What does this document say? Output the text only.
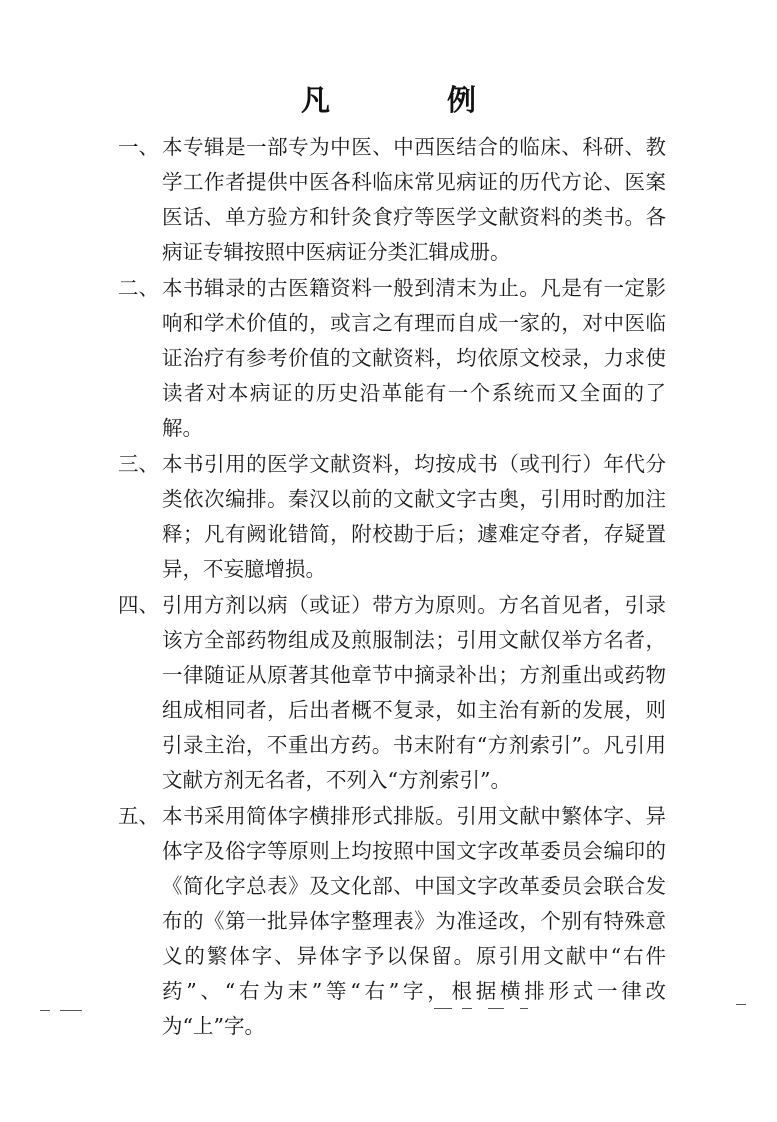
凡　例
一、 本专辑是一部专为中医、中西医结合的临床、科研、教学工作者提供中医各科临床常见病证的历代方论、医案医话、单方验方和针灸食疗等医学文献资料的类书。各病证专辑按照中医病证分类汇辑成册。
二、 本书辑录的古医籍资料一般到清末为止。凡是有一定影响和学术价值的，或言之有理而自成一家的，对中医临证治疗有参考价值的文献资料，均依原文校录，力求使读者对本病证的历史沿革能有一个系统而又全面的了解。
三、 本书引用的医学文献资料，均按成书（或刊行）年代分类依次编排。秦汉以前的文献文字古奥，引用时酌加注释；凡有阙讹错简，附校勘于后；遽难定夺者，存疑置异，不妄臆增损。
四、 引用方剂以病（或证）带方为原则。方名首见者，引录该方全部药物组成及煎服制法；引用文献仅举方名者，一律随证从原著其他章节中摘录补出；方剂重出或药物组成相同者，后出者概不复录，如主治有新的发展，则引录主治，不重出方药。书末附有“方剂索引”。凡引用文献方剂无名者，不列入“方剂索引”。
五、 本书采用简体字横排形式排版。引用文献中繁体字、异体字及俗字等原则上均按照中国文字改革委员会编印的《简化字总表》及文化部、中国文字改革委员会联合发布的《第一批异体字整理表》为准迳改，个别有特殊意义的繁体字、异体字予以保留。原引用文献中“右件药”、“右为末”等“右”字，根据横排形式一律改为“上”字。
